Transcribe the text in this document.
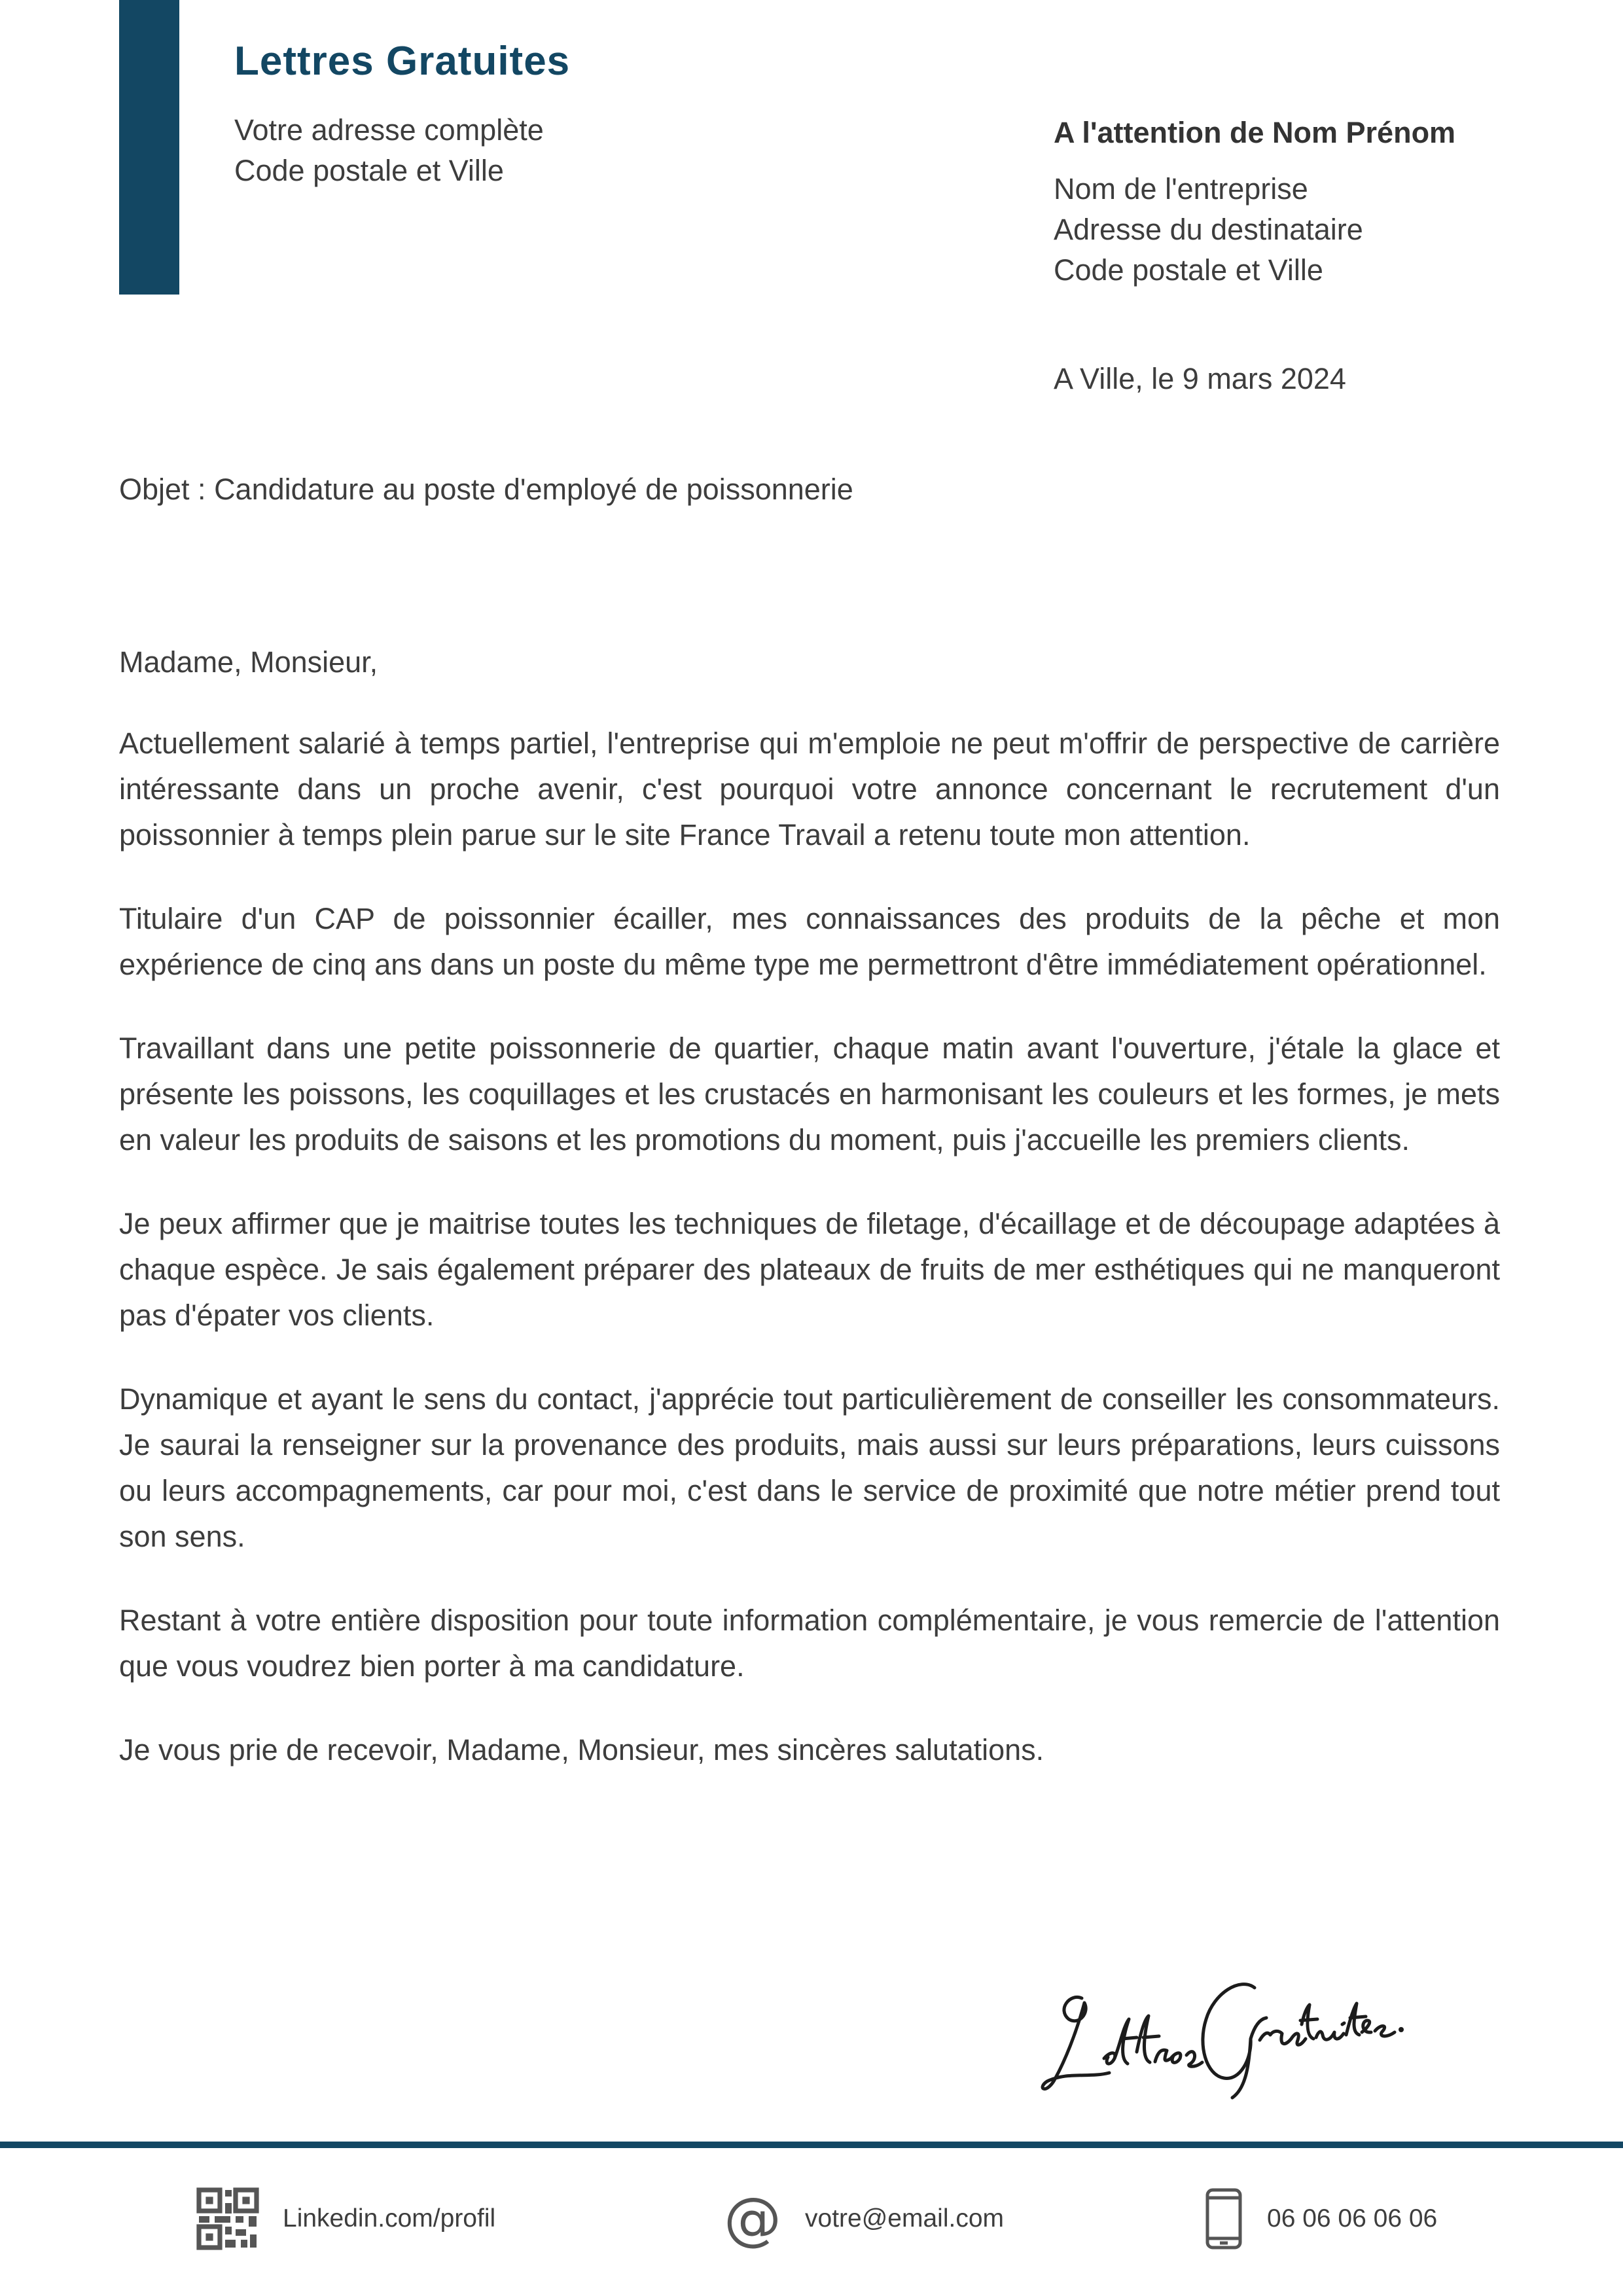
Lettres Gratuites
Votre adresse complète
Code postale et Ville
A l'attention de Nom Prénom
Nom de l'entreprise
Adresse du destinataire
Code postale et Ville
A Ville, le 9 mars 2024
Objet : Candidature au poste d'employé de poissonnerie

Madame, Monsieur,

Actuellement salarié à temps partiel, l'entreprise qui m'emploie ne peut m'offrir de perspective de carrière intéressante dans un proche avenir, c'est pourquoi votre annonce concernant le recrutement d'un poissonnier à temps plein parue sur le site France Travail a retenu toute mon attention.

Titulaire d'un CAP de poissonnier écailler, mes connaissances des produits de la pêche et mon expérience de cinq ans dans un poste du même type me permettront d'être immédiatement opérationnel.

Travaillant dans une petite poissonnerie de quartier, chaque matin avant l'ouverture, j'étale la glace et présente les poissons, les coquillages et les crustacés en harmonisant les couleurs et les formes, je mets en valeur les produits de saisons et les promotions du moment, puis j'accueille les premiers clients.

Je peux affirmer que je maitrise toutes les techniques de filetage, d'écaillage et de découpage adaptées à chaque espèce. Je sais également préparer des plateaux de fruits de mer esthétiques qui ne manqueront pas d'épater vos clients.

Dynamique et ayant le sens du contact, j'apprécie tout particulièrement de conseiller les consommateurs. Je saurai la renseigner sur la provenance des produits, mais aussi sur leurs préparations, leurs cuissons ou leurs accompagnements, car pour moi, c'est dans le service de proximité que notre métier prend tout son sens.

Restant à votre entière disposition pour toute information complémentaire, je vous remercie de l'attention que vous voudrez bien porter à ma candidature.

Je vous prie de recevoir, Madame, Monsieur, mes sincères salutations.

Linkedin.com/profil	@ votre@email.com	06 06 06 06 06
